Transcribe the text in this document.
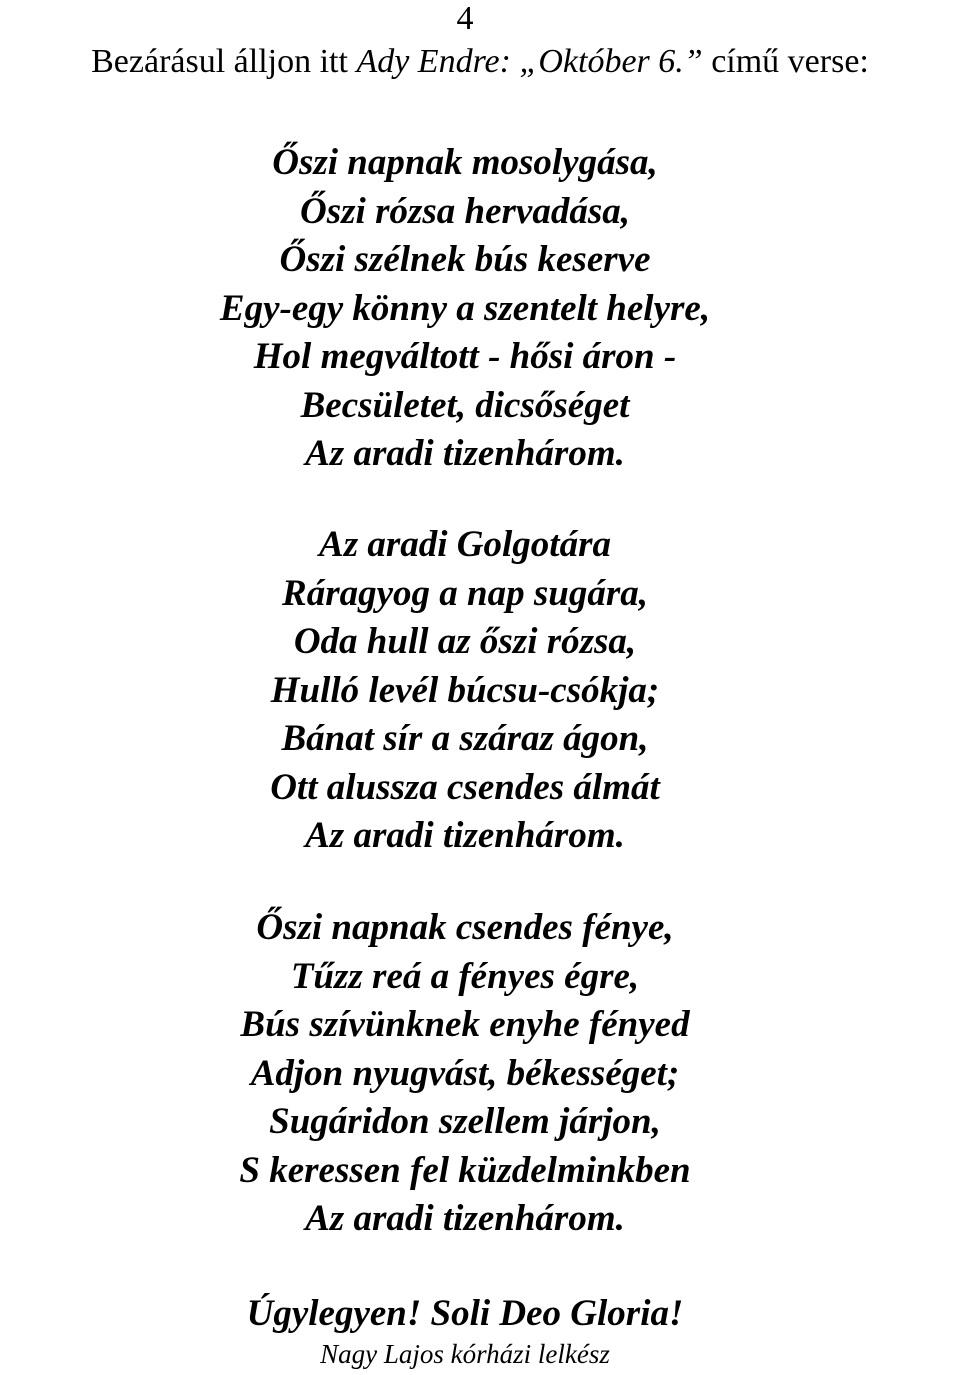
4
Bezárásul álljon itt Ady Endre: „Október 6.” című verse:
Őszi napnak mosolygása,
Őszi rózsa hervadása,
Őszi szélnek bús keserve
Egy-egy könny a szentelt helyre,
Hol megváltott - hősi áron -
Becsületet, dicsőséget
Az aradi tizenhárom.
Az aradi Golgotára
Ráragyog a nap sugára,
Oda hull az őszi rózsa,
Hulló levél búcsu-csókja;
Bánat sír a száraz ágon,
Ott alussza csendes álmát
Az aradi tizenhárom.
Őszi napnak csendes fénye,
Tűzz reá a fényes égre,
Bús szívünknek enyhe fényed
Adjon nyugvást, békességet;
Sugáridon szellem járjon,
S keressen fel küzdelminkben
Az aradi tizenhárom.
Úgylegyen! Soli Deo Gloria!
Nagy Lajos kórházi lelkész
